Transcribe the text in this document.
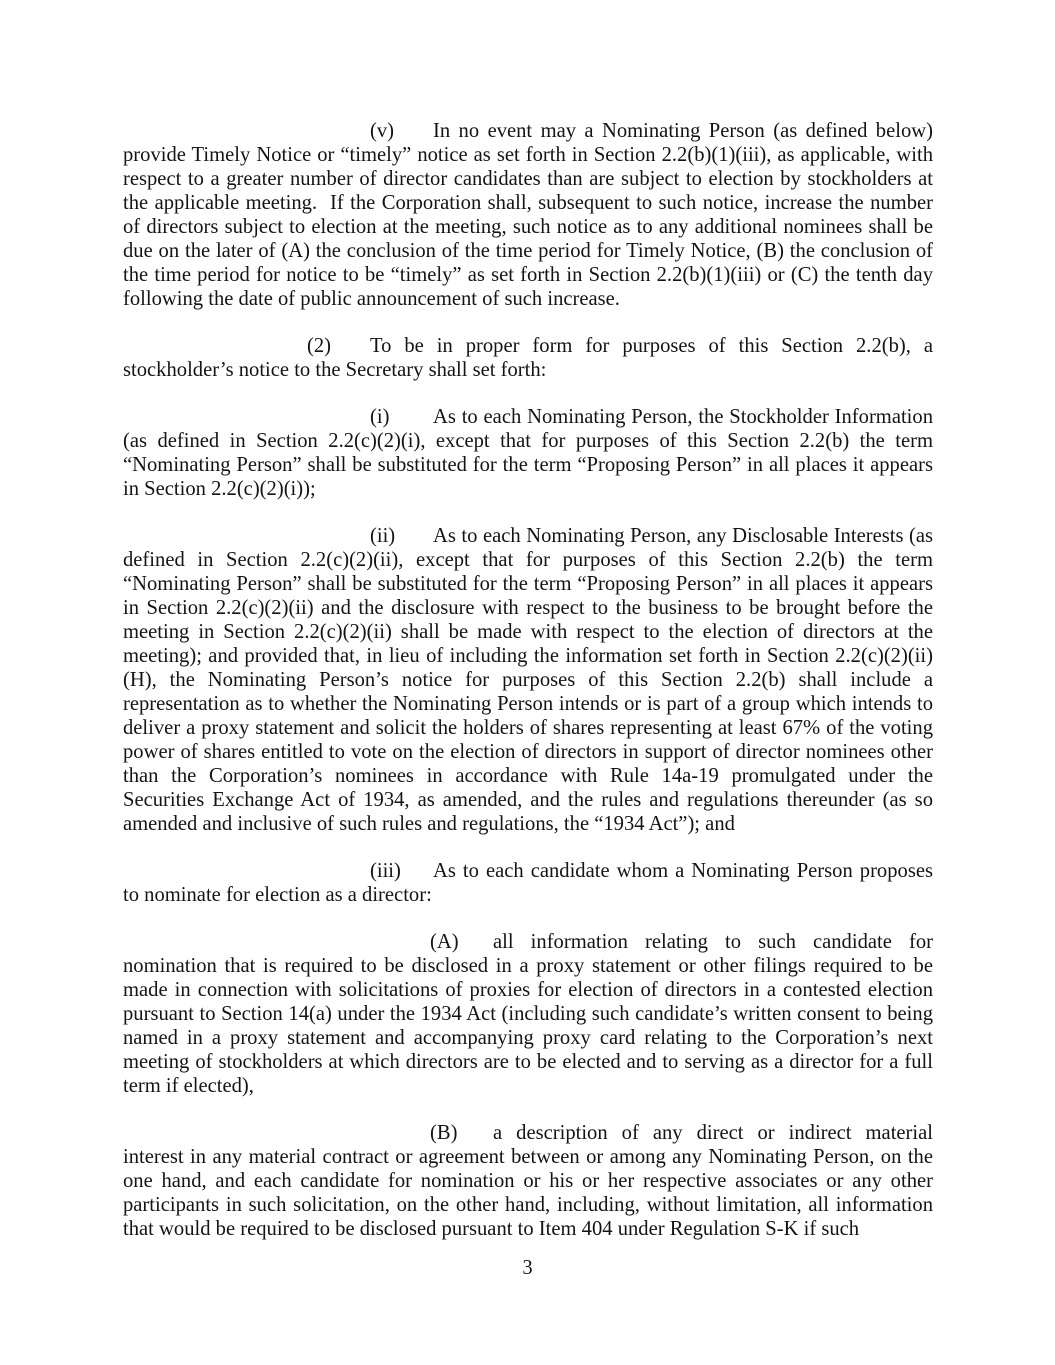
(v) In no event may a Nominating Person (as defined below) provide Timely Notice or “timely” notice as set forth in Section 2.2(b)(1)(iii), as applicable, with respect to a greater number of director candidates than are subject to election by stockholders at the applicable meeting.  If the Corporation shall, subsequent to such notice, increase the number of directors subject to election at the meeting, such notice as to any additional nominees shall be due on the later of (A) the conclusion of the time period for Timely Notice, (B) the conclusion of the time period for notice to be “timely” as set forth in Section 2.2(b)(1)(iii) or (C) the tenth day following the date of public announcement of such increase.

(2) To be in proper form for purposes of this Section 2.2(b), a stockholder’s notice to the Secretary shall set forth:

(i) As to each Nominating Person, the Stockholder Information (as defined in Section 2.2(c)(2)(i), except that for purposes of this Section 2.2(b) the term “Nominating Person” shall be substituted for the term “Proposing Person” in all places it appears in Section 2.2(c)(2)(i));

(ii) As to each Nominating Person, any Disclosable Interests (as defined in Section 2.2(c)(2)(ii), except that for purposes of this Section 2.2(b) the term “Nominating Person” shall be substituted for the term “Proposing Person” in all places it appears in Section 2.2(c)(2)(ii) and the disclosure with respect to the business to be brought before the meeting in Section 2.2(c)(2)(ii) shall be made with respect to the election of directors at the meeting); and provided that, in lieu of including the information set forth in Section 2.2(c)(2)(ii)(H), the Nominating Person’s notice for purposes of this Section 2.2(b) shall include a representation as to whether the Nominating Person intends or is part of a group which intends to deliver a proxy statement and solicit the holders of shares representing at least 67% of the voting power of shares entitled to vote on the election of directors in support of director nominees other than the Corporation’s nominees in accordance with Rule 14a-19 promulgated under the Securities Exchange Act of 1934, as amended, and the rules and regulations thereunder (as so amended and inclusive of such rules and regulations, the “1934 Act”); and

(iii) As to each candidate whom a Nominating Person proposes to nominate for election as a director:

(A) all information relating to such candidate for nomination that is required to be disclosed in a proxy statement or other filings required to be made in connection with solicitations of proxies for election of directors in a contested election pursuant to Section 14(a) under the 1934 Act (including such candidate’s written consent to being named in a proxy statement and accompanying proxy card relating to the Corporation’s next meeting of stockholders at which directors are to be elected and to serving as a director for a full term if elected),

(B) a description of any direct or indirect material interest in any material contract or agreement between or among any Nominating Person, on the one hand, and each candidate for nomination or his or her respective associates or any other participants in such solicitation, on the other hand, including, without limitation, all information that would be required to be disclosed pursuant to Item 404 under Regulation S-K if such

3
